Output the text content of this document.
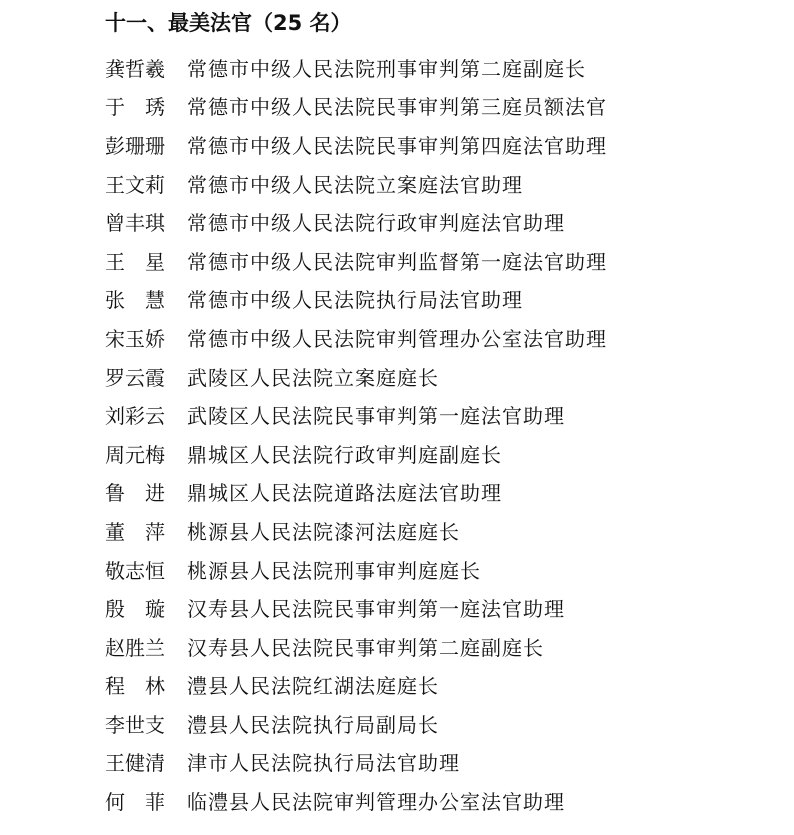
十一、最美法官（25 名）
龚哲羲	常德市中级人民法院刑事审判第二庭副庭长
于　琇	常德市中级人民法院民事审判第三庭员额法官
彭珊珊	常德市中级人民法院民事审判第四庭法官助理
王文莉	常德市中级人民法院立案庭法官助理
曾丰琪	常德市中级人民法院行政审判庭法官助理
王　星	常德市中级人民法院审判监督第一庭法官助理
张　慧	常德市中级人民法院执行局法官助理
宋玉娇	常德市中级人民法院审判管理办公室法官助理
罗云霞	武陵区人民法院立案庭庭长
刘彩云	武陵区人民法院民事审判第一庭法官助理
周元梅	鼎城区人民法院行政审判庭副庭长
鲁　进	鼎城区人民法院道路法庭法官助理
董　萍	桃源县人民法院漆河法庭庭长
敬志恒	桃源县人民法院刑事审判庭庭长
殷　璇	汉寿县人民法院民事审判第一庭法官助理
赵胜兰	汉寿县人民法院民事审判第二庭副庭长
程　林	澧县人民法院红湖法庭庭长
李世支	澧县人民法院执行局副局长
王健清	津市人民法院执行局法官助理
何　菲	临澧县人民法院审判管理办公室法官助理
